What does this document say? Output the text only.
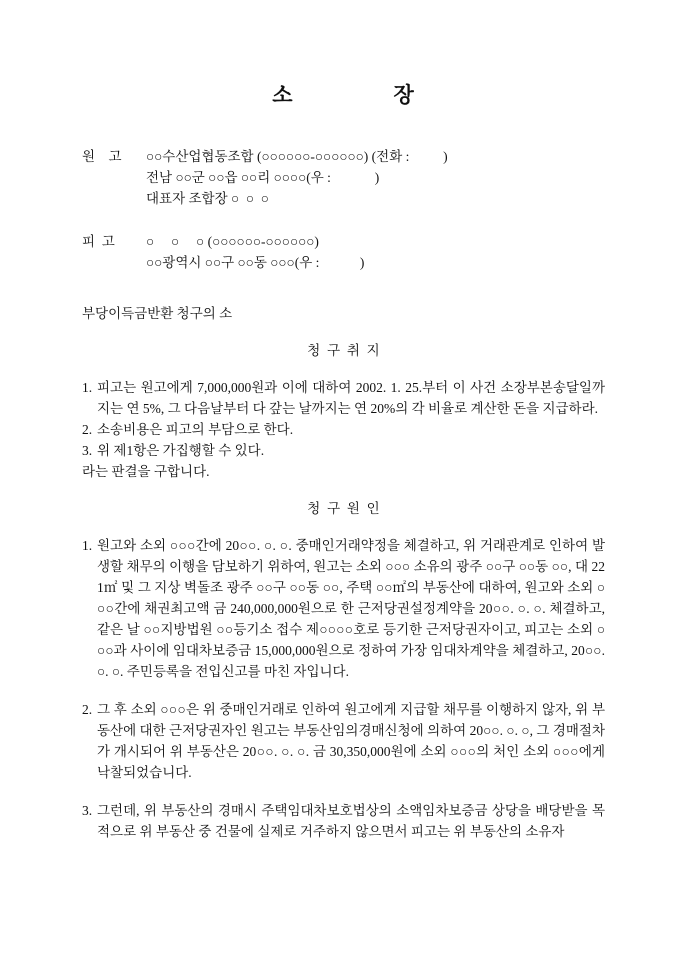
소                장
원    고	○○수산업협동조합 (○○○○○○-○○○○○○) (전화 :          )
전남 ○○군 ○○읍 ○○리 ○○○○(우 :             )
대표자 조합장 ○  ○  ○
피  고	○     ○     ○ (○○○○○○-○○○○○○)
○○광역시 ○○구 ○○동 ○○○(우 :            )
부당이득금반환 청구의 소
청  구  취  지
1. 피고는 원고에게 7,000,000원과 이에 대하여 2002. 1. 25.부터 이 사건 소장부본송달일까지는 연 5%, 그 다음날부터 다 갚는 날까지는 연 20%의 각 비율로 계산한 돈을 지급하라.
2. 소송비용은 피고의 부담으로 한다.
3. 위 제1항은 가집행할 수 있다.
라는 판결을 구합니다.
청  구  원  인
1. 원고와 소외 ○○○간에 20○○. ○. ○. 중매인거래약정을 체결하고, 위 거래관계로 인하여 발생할 채무의 이행을 담보하기 위하여, 원고는 소외 ○○○ 소유의 광주 ○○구 ○○동 ○○, 대 221㎡ 및 그 지상 벽돌조 광주 ○○구 ○○동 ○○, 주택 ○○㎡의 부동산에 대하여, 원고와 소외 ○○○간에 채권최고액 금 240,000,000원으로 한 근저당권설정계약을 20○○. ○. ○. 체결하고, 같은 날 ○○지방법원 ○○등기소 접수 제○○○○호로 등기한 근저당권자이고, 피고는 소외 ○○○과 사이에 임대차보증금 15,000,000원으로 정하여 가장 임대차계약을 체결하고, 20○○. ○. ○. 주민등록을 전입신고를 마친 자입니다.
2. 그 후 소외 ○○○은 위 중매인거래로 인하여 원고에게 지급할 채무를 이행하지 않자, 위 부동산에 대한 근저당권자인 원고는 부동산임의경매신청에 의하여 20○○. ○. ○, 그 경매절차가 개시되어 위 부동산은 20○○. ○. ○. 금 30,350,000원에 소외 ○○○의 처인 소외 ○○○에게 낙찰되었습니다.
3. 그런데, 위 부동산의 경매시 주택임대차보호법상의 소액임차보증금 상당을 배당받을 목적으로 위 부동산 중 건물에 실제로 거주하지 않으면서 피고는 위 부동산의 소유자
